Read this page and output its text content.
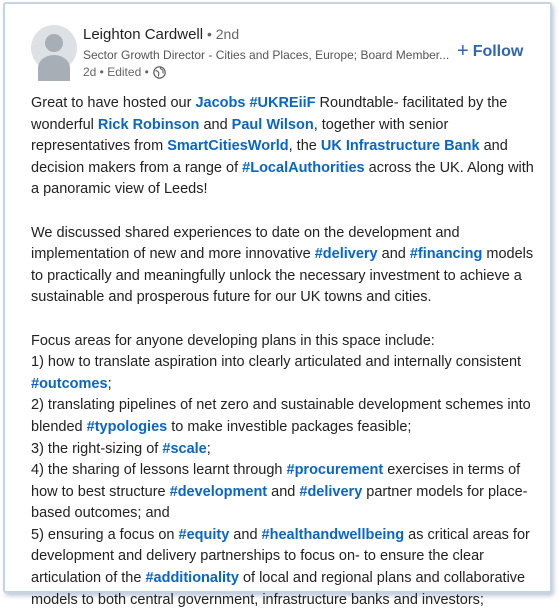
Leighton Cardwell • 2nd
Sector Growth Director - Cities and Places, Europe; Board Member...
2d • Edited •
+ Follow

Great to have hosted our Jacobs #UKREiiF Roundtable- facilitated by the wonderful Rick Robinson and Paul Wilson, together with senior representatives from SmartCitiesWorld, the UK Infrastructure Bank and decision makers from a range of #LocalAuthorities across the UK. Along with a panoramic view of Leeds!

We discussed shared experiences to date on the development and implementation of new and more innovative #delivery and #financing models to practically and meaningfully unlock the necessary investment to achieve a sustainable and prosperous future for our UK towns and cities.

Focus areas for anyone developing plans in this space include:
1) how to translate aspiration into clearly articulated and internally consistent #outcomes;
2) translating pipelines of net zero and sustainable development schemes into blended #typologies to make investible packages feasible;
3) the right-sizing of #scale;
4) the sharing of lessons learnt through #procurement exercises in terms of how to best structure #development and #delivery partner models for place-based outcomes; and
5) ensuring a focus on #equity and #healthandwellbeing as critical areas for development and delivery partnerships to focus on- to ensure the clear articulation of the #additionality of local and regional plans and collaborative models to both central government, infrastructure banks and investors;
